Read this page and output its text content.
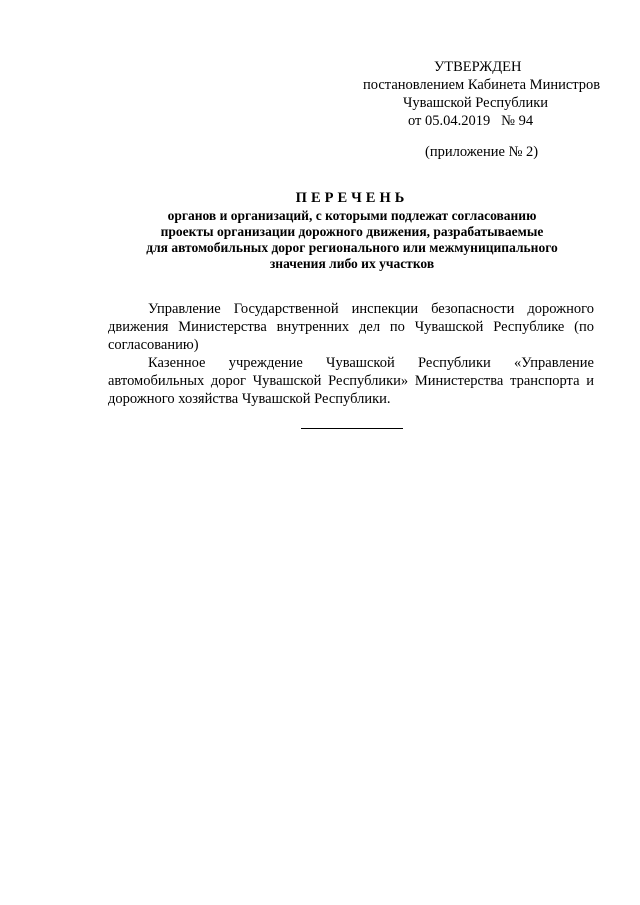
УТВЕРЖДЕН
постановлением Кабинета Министров
Чувашской Республики
от 05.04.2019   № 94
(приложение № 2)
ПЕРЕЧЕНЬ
органов и организаций, с которыми подлежат согласованию
проекты организации дорожного движения, разрабатываемые
для автомобильных дорог регионального или межмуниципального
значения либо их участков

Управление Государственной инспекции безопасности дорожного движения Министерства внутренних дел по Чувашской Республике (по согласованию)

Казенное учреждение Чувашской Республики «Управление автомобильных дорог Чувашской Республики» Министерства транспорта и дорожного хозяйства Чувашской Республики.
